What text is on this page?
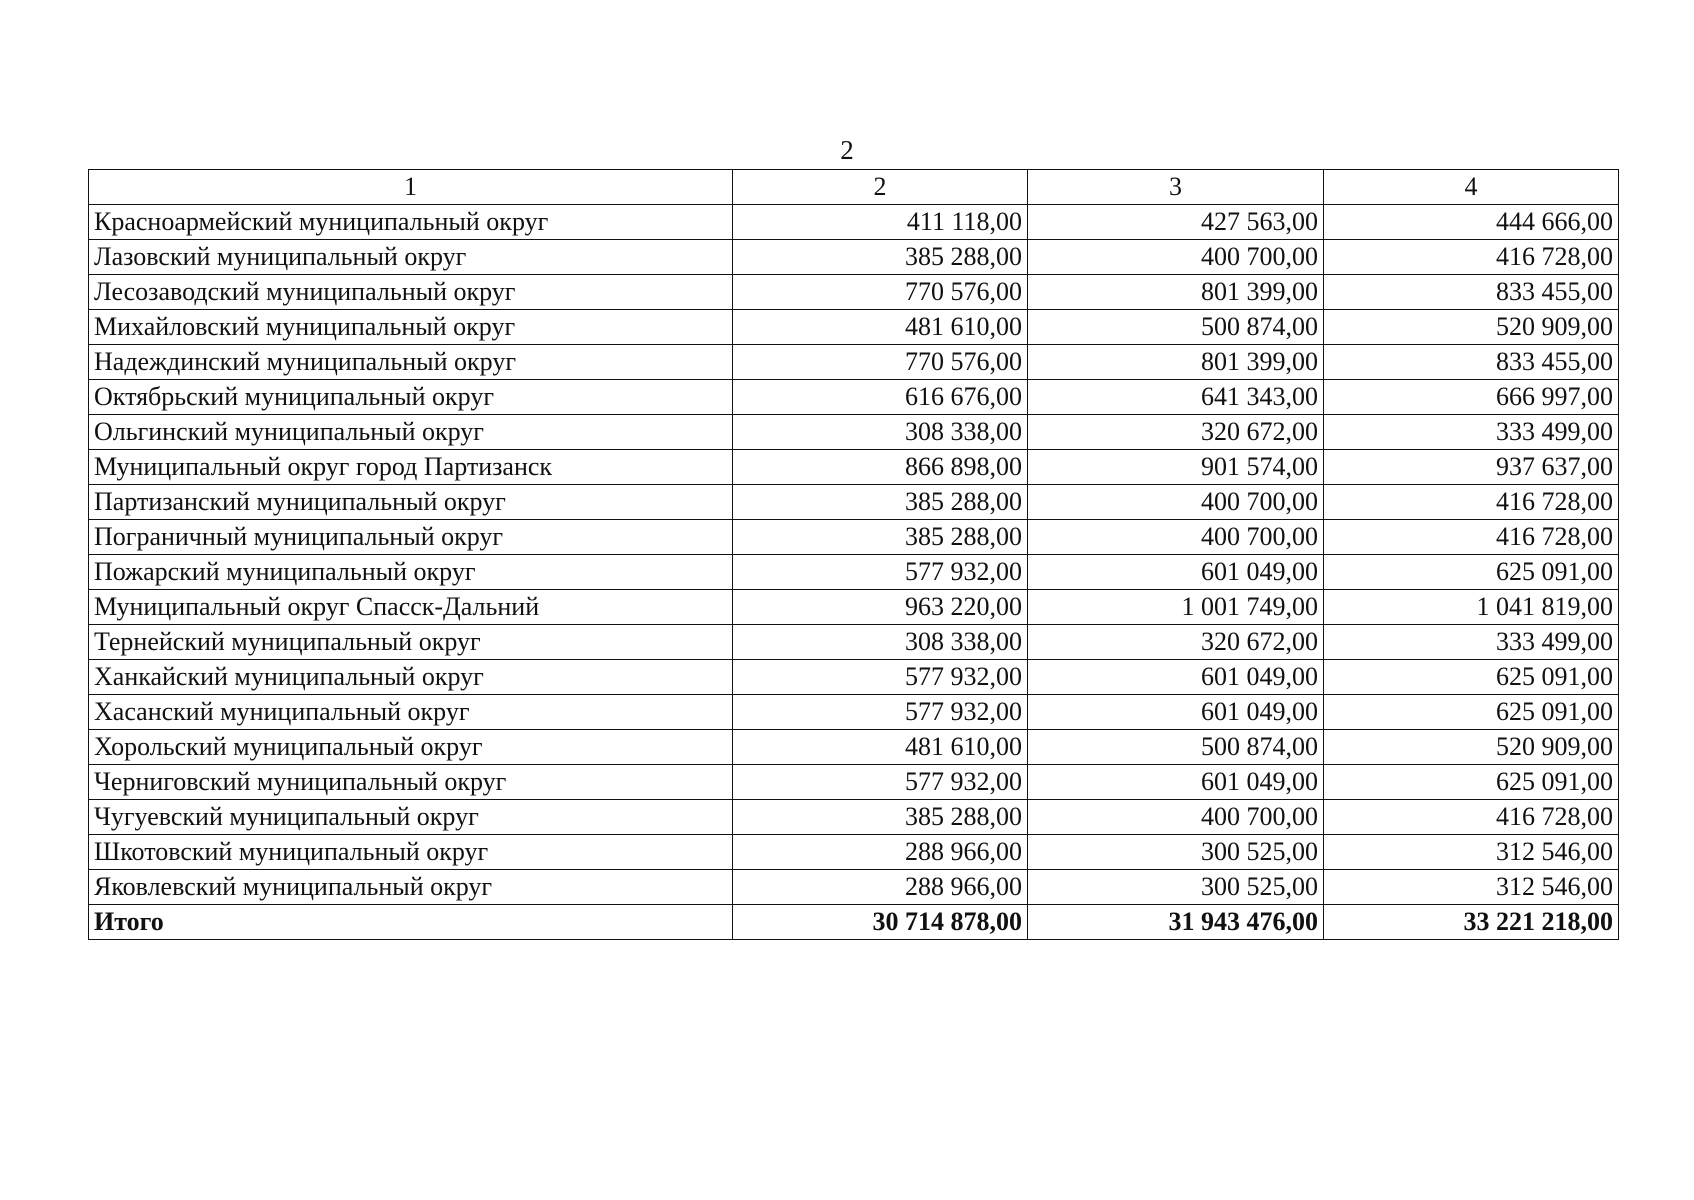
2
1	2	3	4
Красноармейский муниципальный округ	411 118,00	427 563,00	444 666,00
Лазовский муниципальный округ	385 288,00	400 700,00	416 728,00
Лесозаводский муниципальный округ	770 576,00	801 399,00	833 455,00
Михайловский муниципальный округ	481 610,00	500 874,00	520 909,00
Надеждинский муниципальный округ	770 576,00	801 399,00	833 455,00
Октябрьский муниципальный округ	616 676,00	641 343,00	666 997,00
Ольгинский муниципальный округ	308 338,00	320 672,00	333 499,00
Муниципальный округ город Партизанск	866 898,00	901 574,00	937 637,00
Партизанский муниципальный округ	385 288,00	400 700,00	416 728,00
Пограничный муниципальный округ	385 288,00	400 700,00	416 728,00
Пожарский муниципальный округ	577 932,00	601 049,00	625 091,00
Муниципальный округ Спасск-Дальний	963 220,00	1 001 749,00	1 041 819,00
Тернейский муниципальный округ	308 338,00	320 672,00	333 499,00
Ханкайский муниципальный округ	577 932,00	601 049,00	625 091,00
Хасанский муниципальный округ	577 932,00	601 049,00	625 091,00
Хорольский муниципальный округ	481 610,00	500 874,00	520 909,00
Черниговский муниципальный округ	577 932,00	601 049,00	625 091,00
Чугуевский муниципальный округ	385 288,00	400 700,00	416 728,00
Шкотовский муниципальный округ	288 966,00	300 525,00	312 546,00
Яковлевский муниципальный округ	288 966,00	300 525,00	312 546,00
Итого	30 714 878,00	31 943 476,00	33 221 218,00
